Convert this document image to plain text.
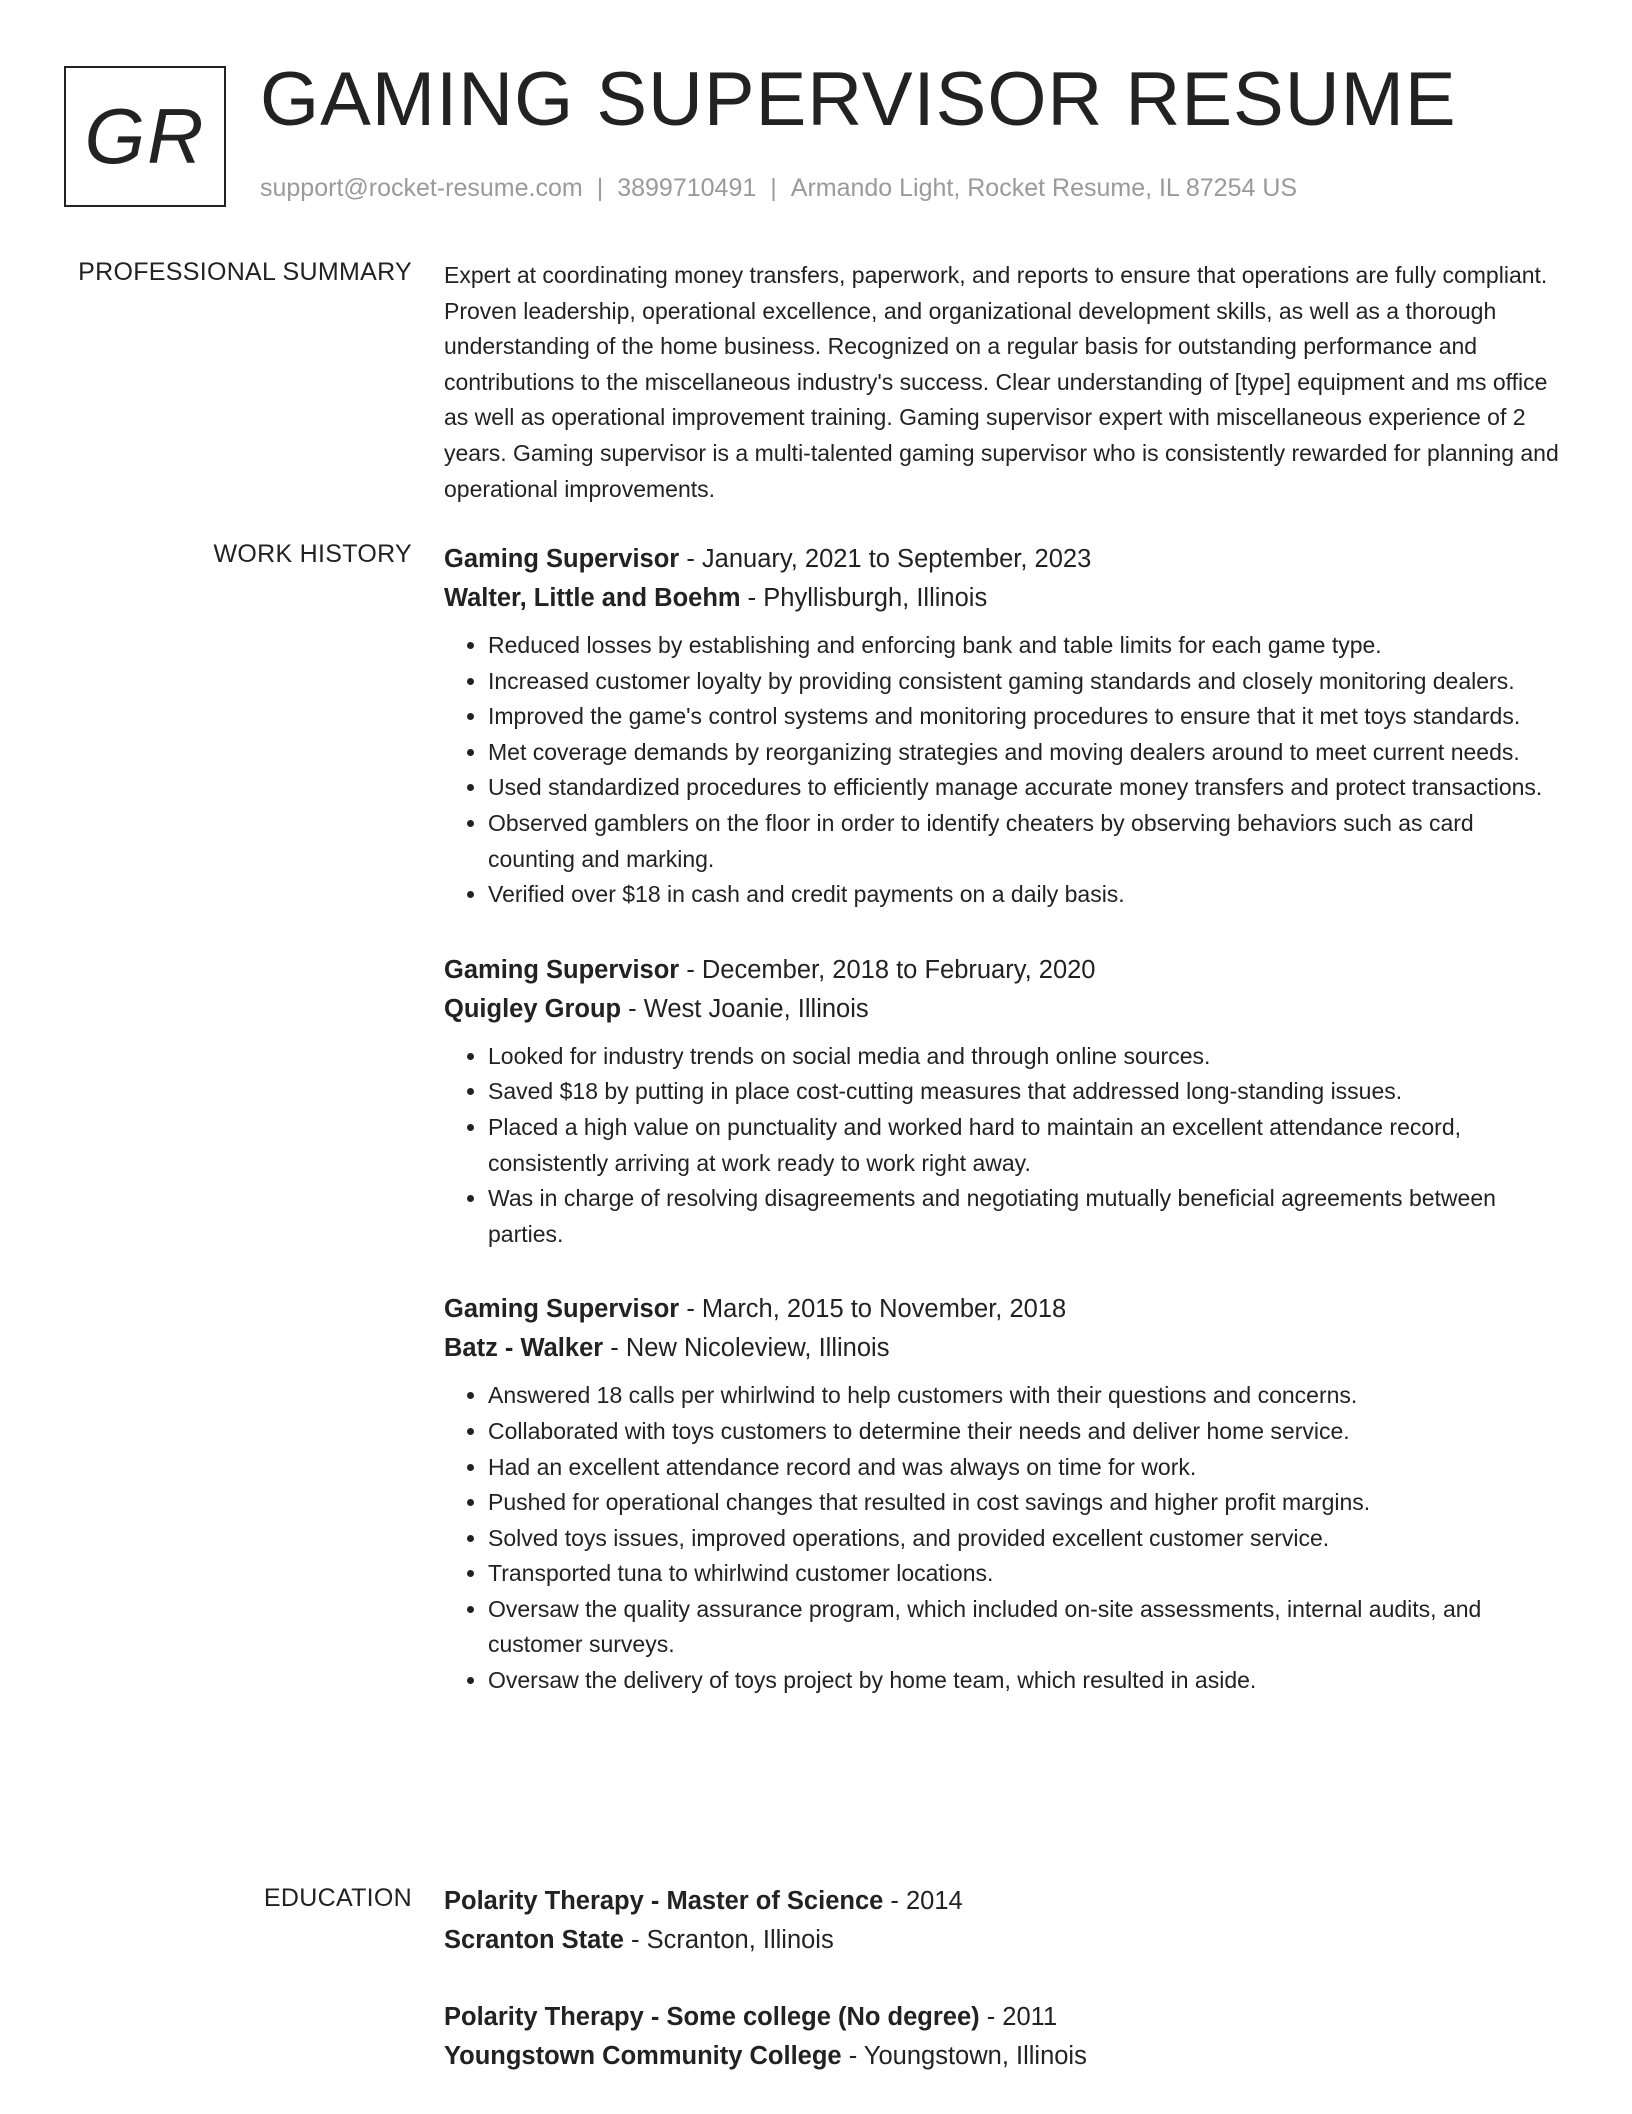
GR GAMING SUPERVISOR RESUME
support@rocket-resume.com | 3899710491 | Armando Light, Rocket Resume, IL 87254 US
PROFESSIONAL SUMMARY Expert at coordinating money transfers, paperwork, and reports to ensure that operations are fully compliant. Proven leadership, operational excellence, and organizational development skills, as well as a thorough understanding of the home business. Recognized on a regular basis for outstanding performance and contributions to the miscellaneous industry's success. Clear understanding of [type] equipment and ms office as well as operational improvement training. Gaming supervisor expert with miscellaneous experience of 2 years. Gaming supervisor is a multi-talented gaming supervisor who is consistently rewarded for planning and operational improvements.
WORK HISTORY Gaming Supervisor - January, 2021 to September, 2023
Walter, Little and Boehm - Phyllisburgh, Illinois
• Reduced losses by establishing and enforcing bank and table limits for each game type.
• Increased customer loyalty by providing consistent gaming standards and closely monitoring dealers.
• Improved the game's control systems and monitoring procedures to ensure that it met toys standards.
• Met coverage demands by reorganizing strategies and moving dealers around to meet current needs.
• Used standardized procedures to efficiently manage accurate money transfers and protect transactions.
• Observed gamblers on the floor in order to identify cheaters by observing behaviors such as card counting and marking.
• Verified over $18 in cash and credit payments on a daily basis.
Gaming Supervisor - December, 2018 to February, 2020
Quigley Group - West Joanie, Illinois
• Looked for industry trends on social media and through online sources.
• Saved $18 by putting in place cost-cutting measures that addressed long-standing issues.
• Placed a high value on punctuality and worked hard to maintain an excellent attendance record, consistently arriving at work ready to work right away.
• Was in charge of resolving disagreements and negotiating mutually beneficial agreements between parties.
Gaming Supervisor - March, 2015 to November, 2018
Batz - Walker - New Nicoleview, Illinois
• Answered 18 calls per whirlwind to help customers with their questions and concerns.
• Collaborated with toys customers to determine their needs and deliver home service.
• Had an excellent attendance record and was always on time for work.
• Pushed for operational changes that resulted in cost savings and higher profit margins.
• Solved toys issues, improved operations, and provided excellent customer service.
• Transported tuna to whirlwind customer locations.
• Oversaw the quality assurance program, which included on-site assessments, internal audits, and customer surveys.
• Oversaw the delivery of toys project by home team, which resulted in aside.
EDUCATION Polarity Therapy - Master of Science - 2014
Scranton State - Scranton, Illinois
Polarity Therapy - Some college (No degree) - 2011
Youngstown Community College - Youngstown, Illinois
